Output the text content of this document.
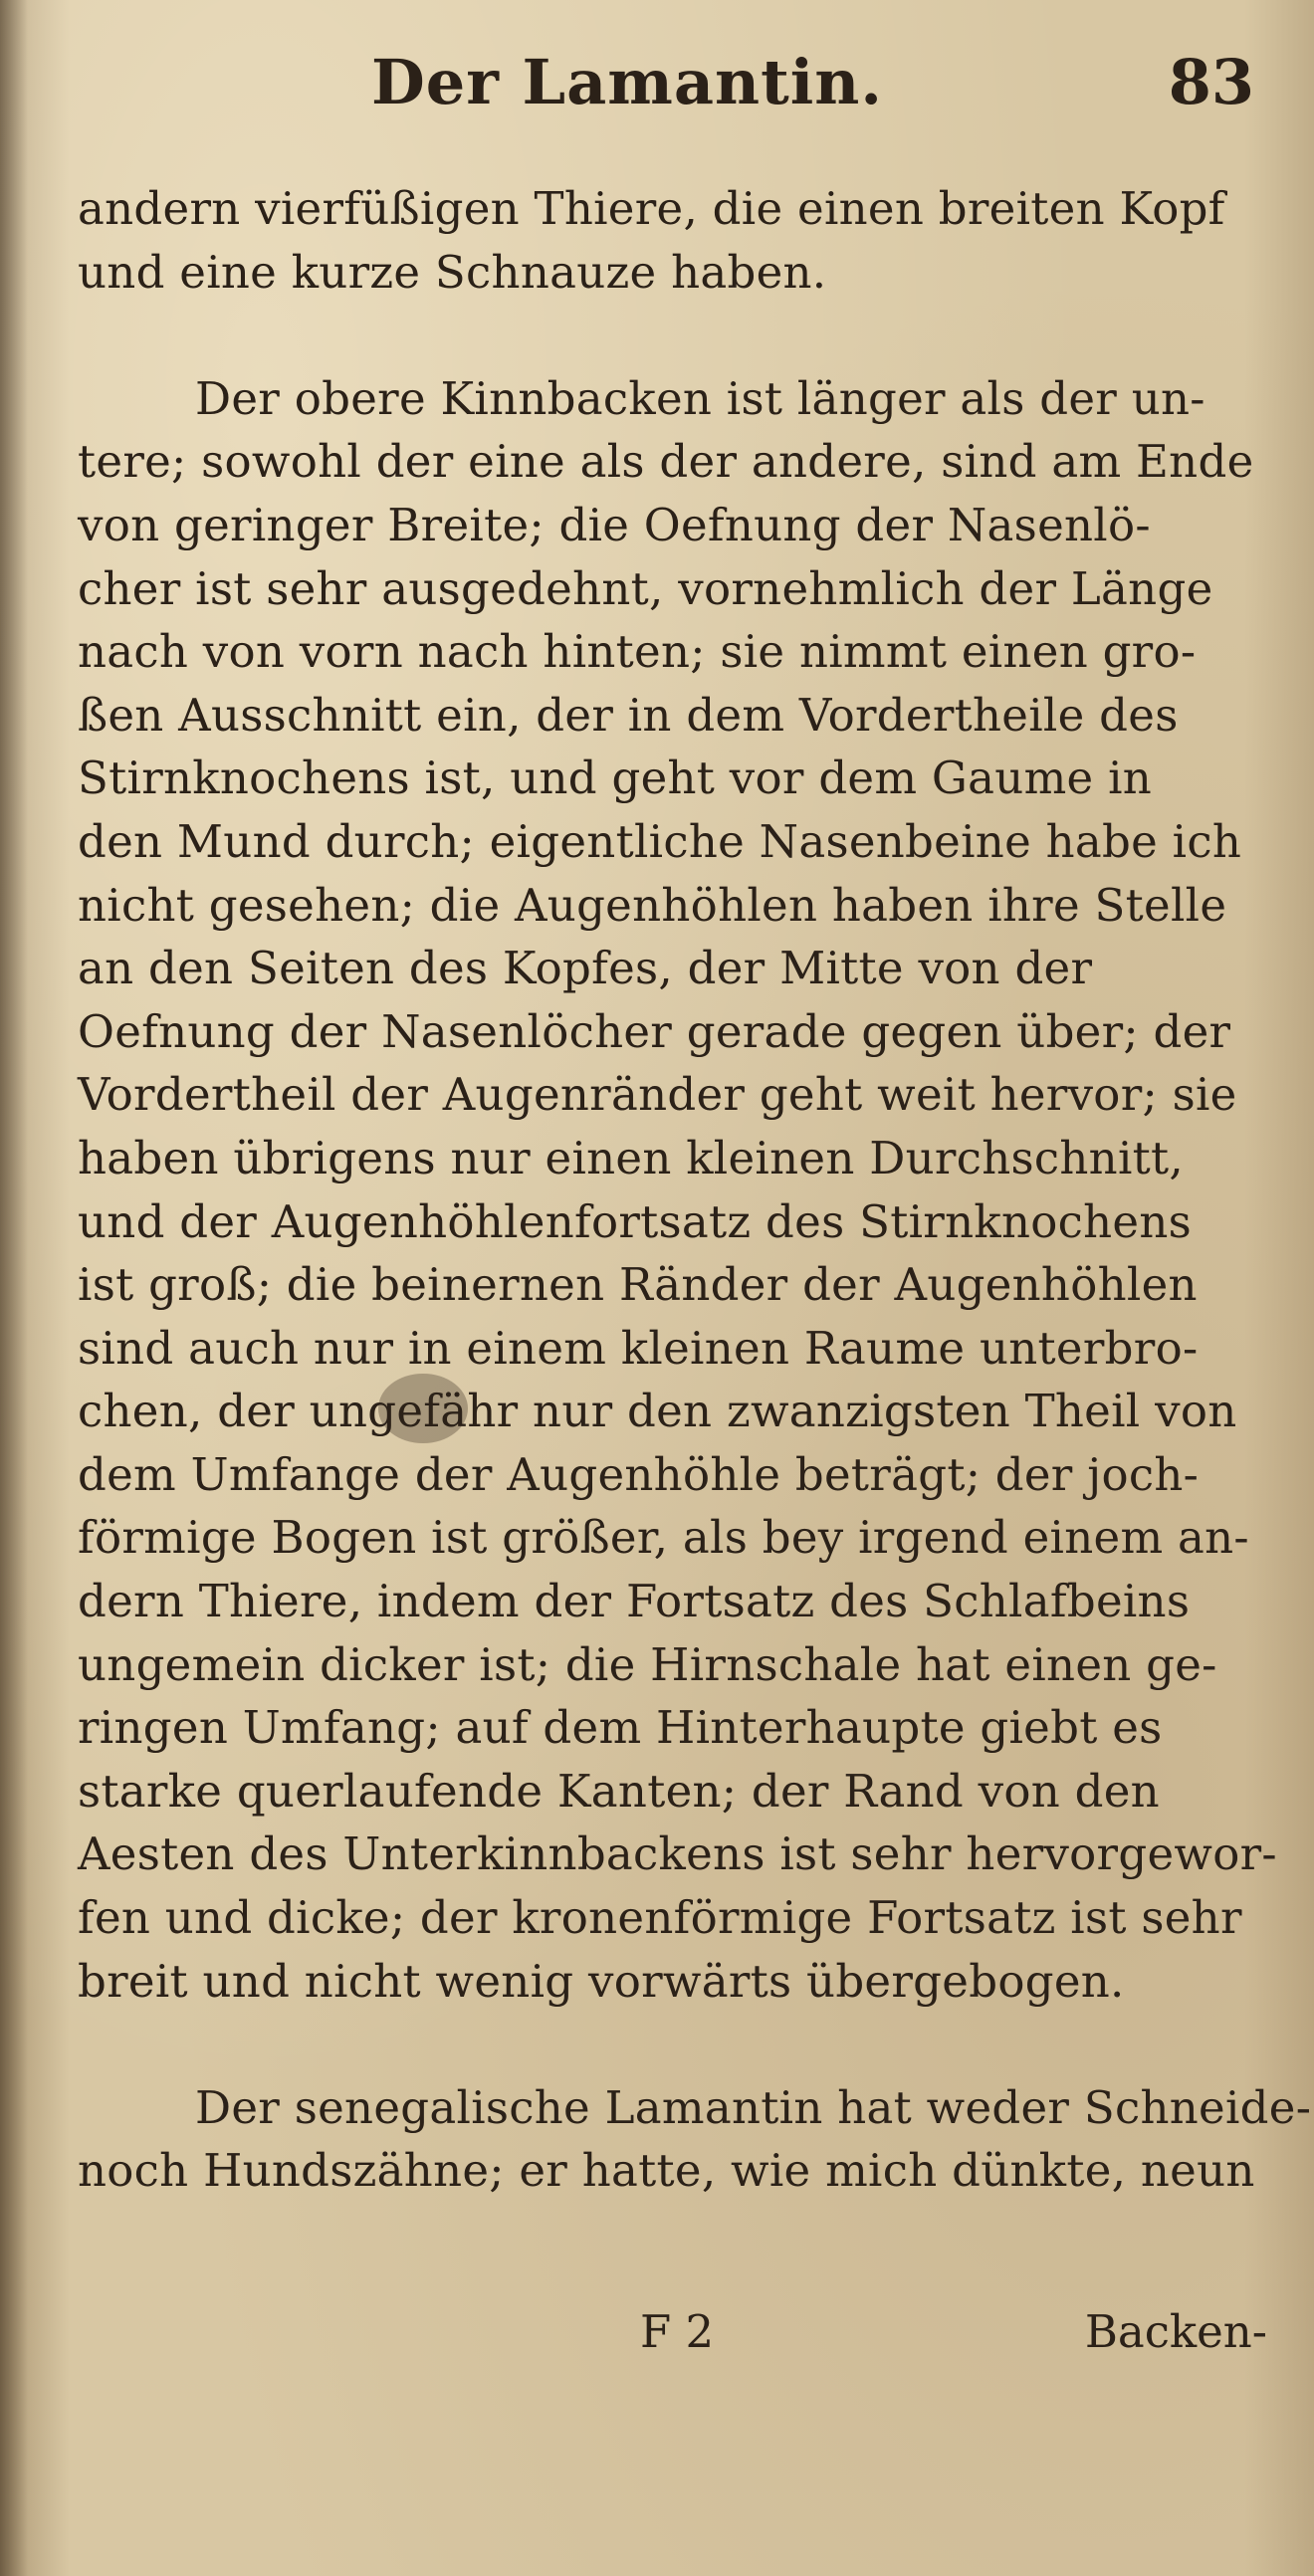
Der Lamantin.	83
andern vierfüßigen Thiere, die einen breiten Kopf
und eine kurze Schnauze haben.
Der obere Kinnbacken ist länger als der un-
tere; sowohl der eine als der andere, sind am Ende
von geringer Breite; die Oefnung der Nasenlö-
cher ist sehr ausgedehnt, vornehmlich der Länge
nach von vorn nach hinten; sie nimmt einen gro-
ßen Ausschnitt ein, der in dem Vordertheile des
Stirnknochens ist, und geht vor dem Gaume in
den Mund durch; eigentliche Nasenbeine habe ich
nicht gesehen; die Augenhöhlen haben ihre Stelle
an den Seiten des Kopfes, der Mitte von der
Oefnung der Nasenlöcher gerade gegen über; der
Vordertheil der Augenränder geht weit hervor; sie
haben übrigens nur einen kleinen Durchschnitt,
und der Augenhöhlenfortsatz des Stirnknochens
ist groß; die beinernen Ränder der Augenhöhlen
sind auch nur in einem kleinen Raume unterbro-
chen, der ungefähr nur den zwanzigsten Theil von
dem Umfange der Augenhöhle beträgt; der joch-
förmige Bogen ist größer, als bey irgend einem an-
dern Thiere, indem der Fortsatz des Schlafbeins
ungemein dicker ist; die Hirnschale hat einen ge-
ringen Umfang; auf dem Hinterhaupte giebt es
starke querlaufende Kanten; der Rand von den
Aesten des Unterkinnbackens ist sehr hervorgewor-
fen und dicke; der kronenförmige Fortsatz ist sehr
breit und nicht wenig vorwärts übergebogen.
Der senegalische Lamantin hat weder Schneide-
noch Hundszähne; er hatte, wie mich dünkte, neun
F 2	Backen-
